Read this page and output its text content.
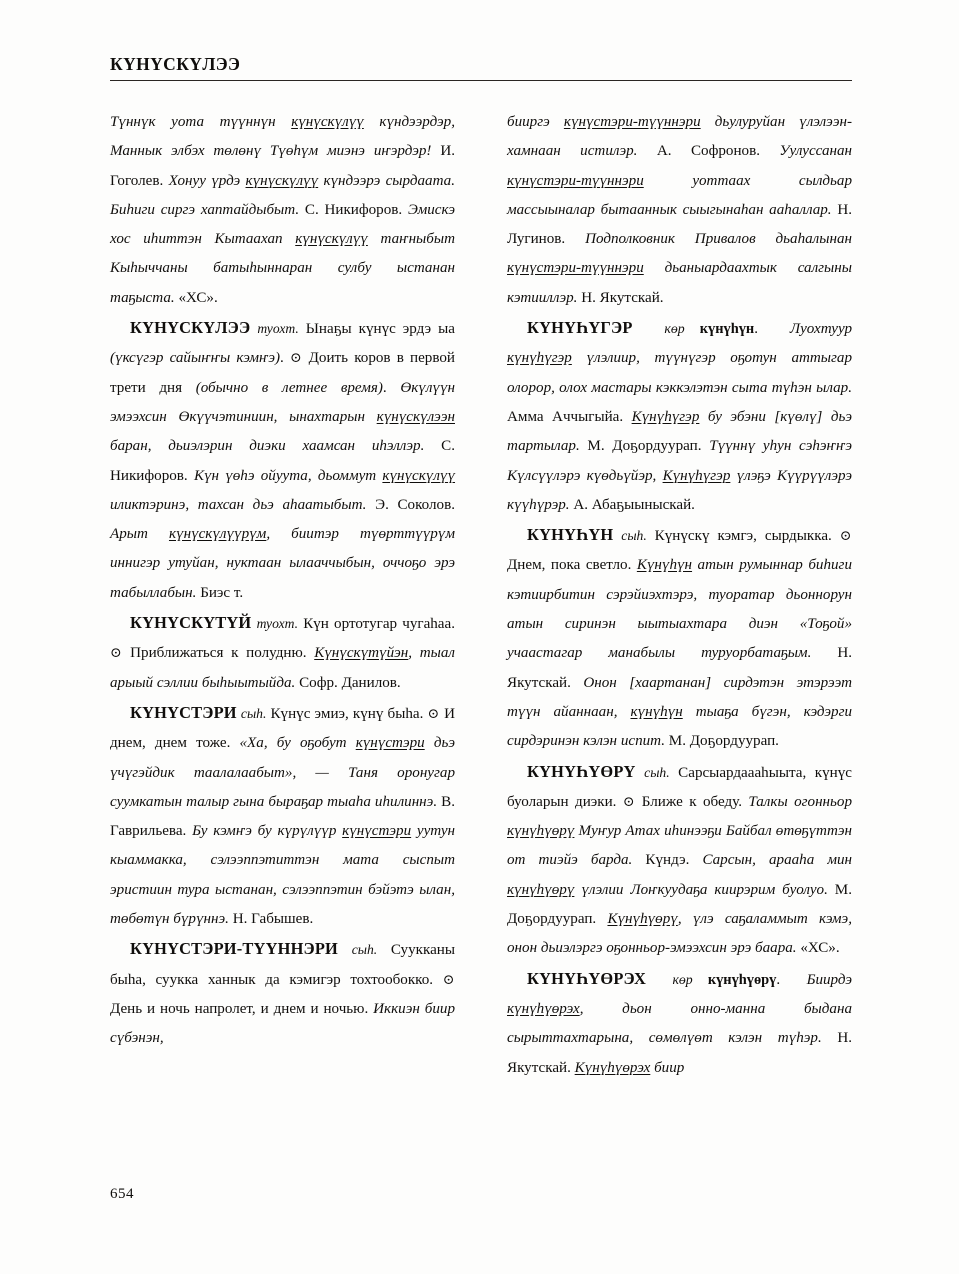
КҮНҮСКҮЛЭЭ

Түннүк уота түүннүн күнүскүлүү күндээрдэр, Маннык элбэх төлөнү Түөһүм миэнэ иҥэрдэр! И. Гоголев. Хонуу үрдэ күнүскүлүү күндээрэ сырдаата. Биһиги сиргэ хаптайдыбыт. С. Никифоров. Эмискэ хос иһиттэн Кытаахап күнүскүлүү таҥныбыт Кыһыччаны батыһыннаран сулбу ыстанан таҕыста. «ХС».

КҮНҮСКҮЛЭЭ туохт. Ынаҕы күнүс эрдэ ыа (үксүгэр сайыҥҥы кэмҥэ). ⊙ Доить коров в первой трети дня (обычно в летнее время). Өкүлүүн эмээхсин Өкүүчэтиниин, ынахтарын күнүскүлээн баран, дьиэлэрин диэки хаамсан иһэллэр. С. Никифоров. Күн үөһэ ойуута, дьоммут күнүскүлүү иликтэринэ, тахсан дьэ аһаатыбыт. Э. Соколов. Арыт күнүскүлүүрүм, биитэр түөрттүүрүм иннигэр утуйан, нуктаан ылааччыбын, оччоҕо эрэ табыллабын. Биэс т.

КҮНҮСКҮТҮЙ туохт. Күн ортотугар чугаһаа. ⊙ Приближаться к полудню. Күнүскүтүйэн, тыал арыый сэллии быһыытыйда. Софр. Данилов.

КҮНҮСТЭРИ сыһ. Күнүс эмиэ, күнү быһа. ⊙ И днем, днем тоже. «Ха, бу оҕобут күнүстэри дьэ үчүгэйдик таалалаабыт», — Таня оронугар суумкатын талыр гына быраҕар тыаһа иһилиннэ. В. Гаврильева. Бу кэмҥэ бу күрүлүүр күнүстэри уутун кыаммакка, сэлээппэтиттэн мата сыспыт эристиин тура ыстанан, сэлээппэтин бэйэтэ ылан, төбөтүн бүрүннэ. Н. Габышев.

КҮНҮСТЭРИ-ТҮҮННЭРИ сыһ. Суукканы быһа, суукка ханнык да кэмигэр тохтообокко. ⊙ День и ночь напролет, и днем и ночью. Иккиэн биир сүбэнэн,

бииргэ күнүстэри-түүннэри дьулуруйан үлэлээн-хамнаан истилэр. А. Софронов. Уулуссанан күнүстэри-түүннэри уоттаах сылдьар массыыналар бытааннык сыыгынаһан ааһаллар. Н. Лугинов. Подполковник Привалов дьаһалынан күнүстэри-түүннэри дьаныардаахтык салгыны кэтииллэр. Н. Якутскай.

КҮНҮҺҮГЭР көр  күнүһүн. Луохтуур күнүһүгэр үлэлиир, түүнүгэр оҕотун аттыгар олорор, олох мастары кэккэлэтэн сыта түһэн ылар. Амма Аччыгыйа. Күнүһүгэр бу эбэни [күөлү] дьэ тартылар. М. Доҕордуурап. Түүннү уһун сэһэҥҥэ Күлсүүлэрэ күөдьүйэр, Күнүһүгэр үлэҕэ Күүрүүлэрэ күүһүрэр. А. Абаҕыыныскай.

КҮНҮҺҮН сыһ. Күнүскү кэмгэ, сырдыкка. ⊙ Днем, пока светло. Күнүһүн атын румыннар биһиги кэтиирбитин сэрэйиэхтэрэ, туоратар дьоннорун атын сиринэн ыытыахтара диэн «Тоҕой» учаастагар манабылы туруорбатаҕым. Н. Якутскай. Онон [хаартанан] сирдэтэн этэрээт түүн айаннаан, күнүһүн тыаҕа бүгэн, кэдэрги сирдэринэн кэлэн испит. М. Доҕордуурап.

КҮНҮҺҮӨРҮ сыһ. Сарсыардаааһыыта, күнүс буоларын диэки. ⊙ Ближе к обеду. Талкы огонньор күнүһүөрү Муҥур Атах иһинээҕи Байбал өтөҕүттэн от тиэйэ барда. Күндэ. Сарсын, арааһа мин күнүһүөрү үлэлии Лоҥкуудаҕа киирэрим буолуо. М. Доҕордуурап. Күнүһүөрү, үлэ саҕаламмыт кэмэ, онон дьиэлэргэ оҕонньор-эмээхсин эрэ баара. «ХС».

КҮНҮҺҮӨРЭХ көр  күнүһүөрү. Биирдэ күнүһүөрэх, дьон онно-манна быдана сырыттахтарына, сөмөлүөт кэлэн түһэр. Н. Якутскай. Күнүһүөрэх биир

654
